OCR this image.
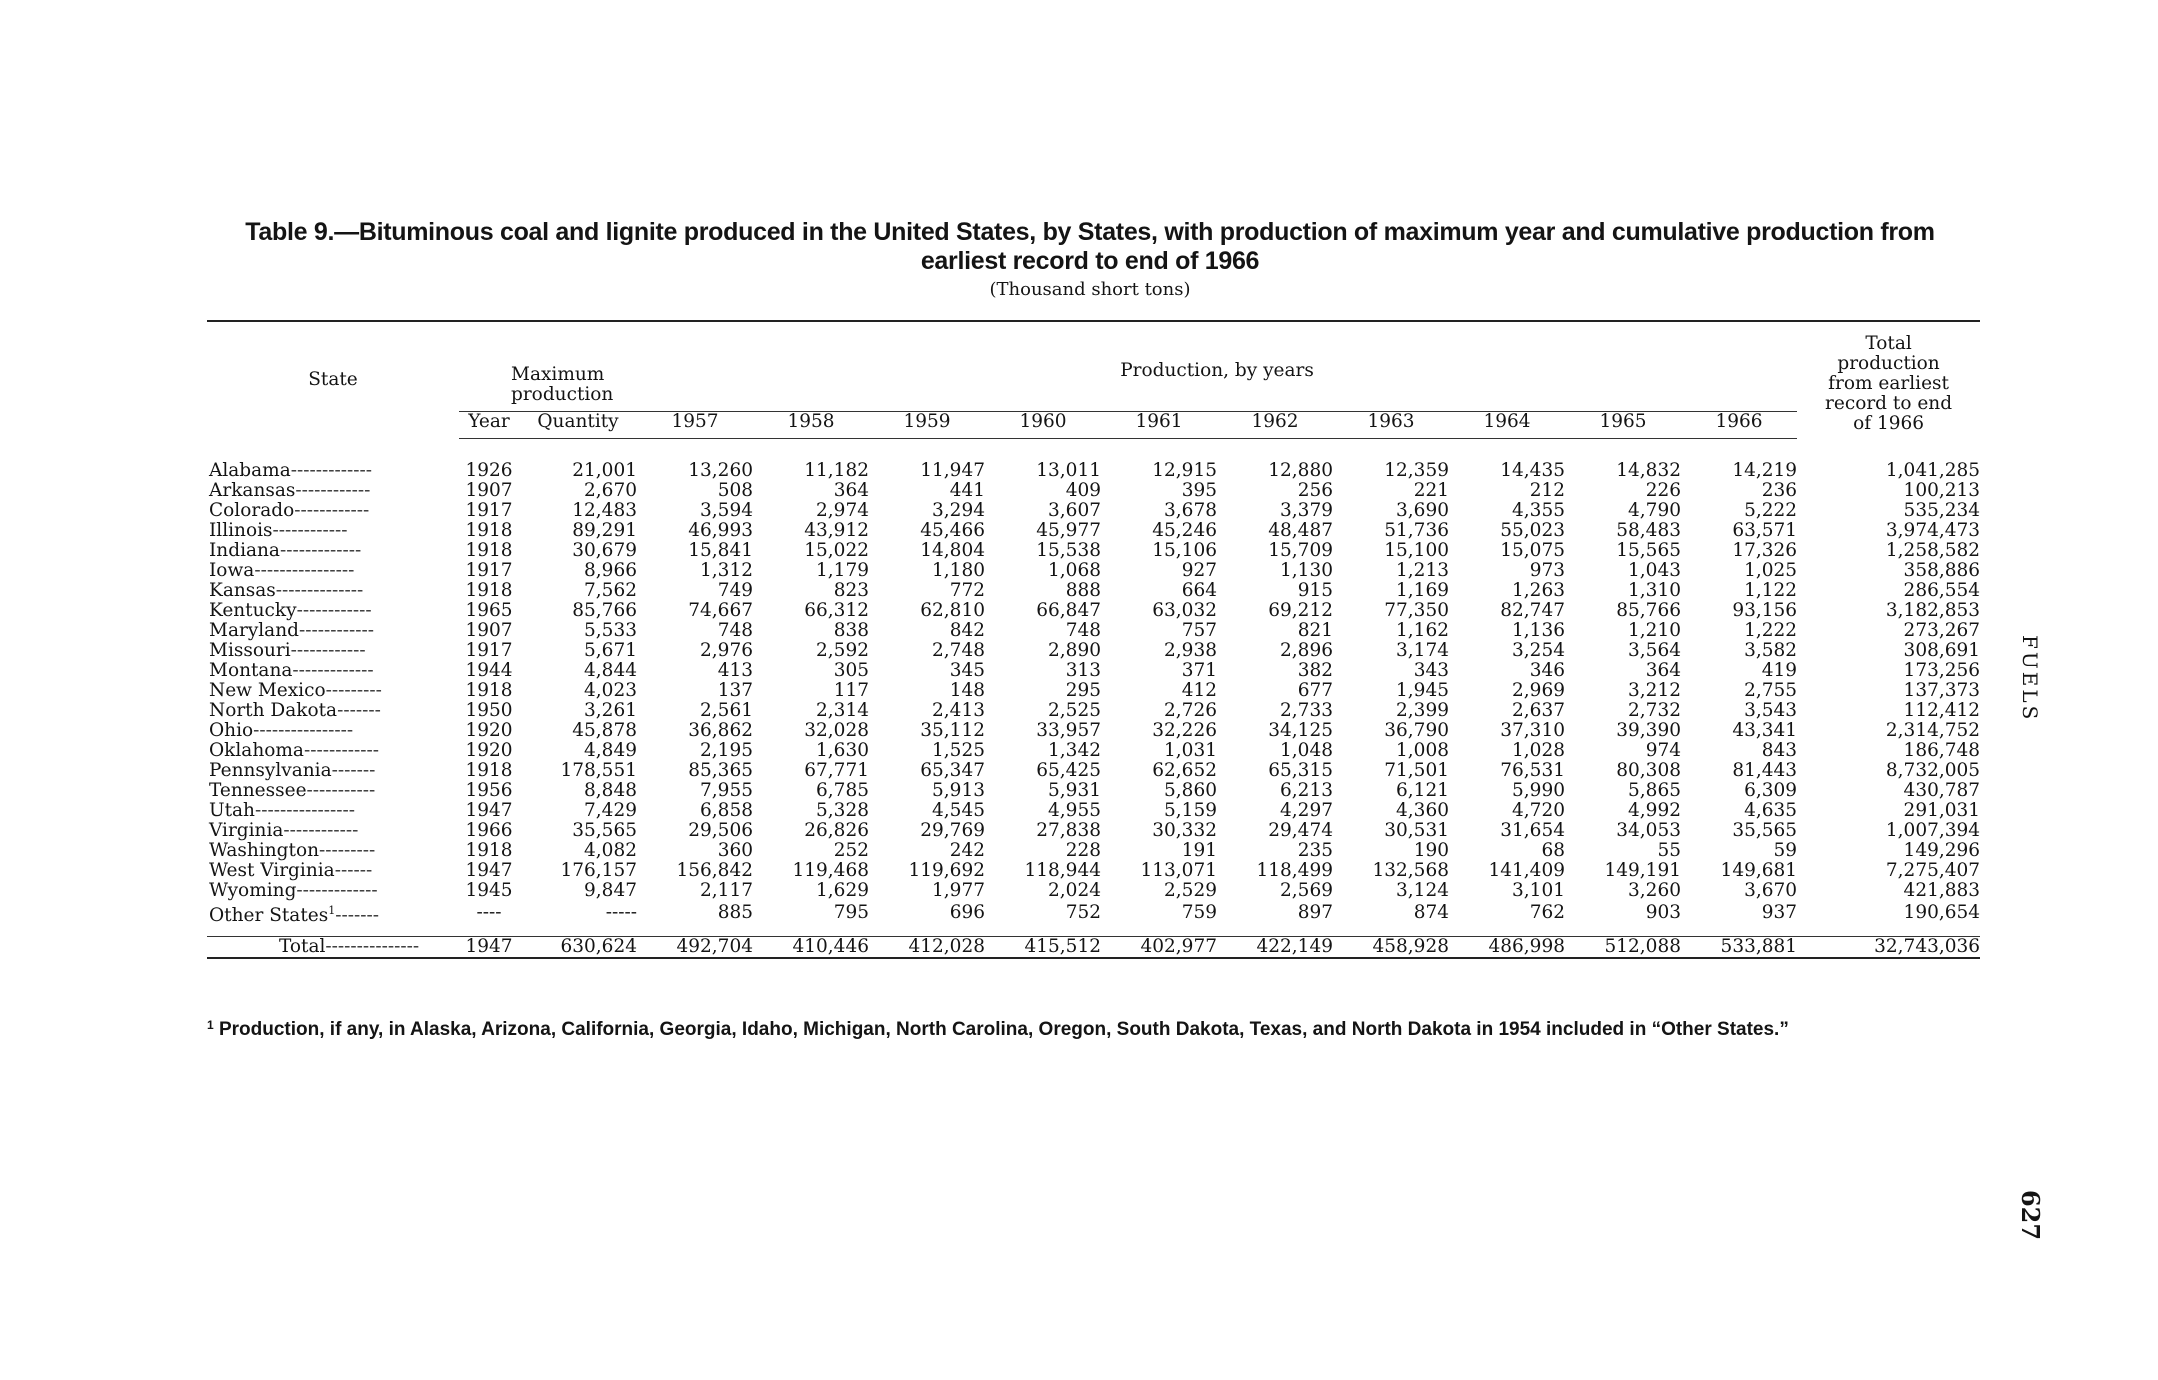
Table 9.—Bituminous coal and lignite produced in the United States, by States, with production of maximum year and cumulative production from earliest record to end of 1966
(Thousand short tons)
State	Maximum production		Production, by years										Total production from earliest record to end of 1966
	Year	Quantity	1957	1958	1959	1960	1961	1962	1963	1964	1965	1966	

Alabama-------------	1926	21,001	13,260	11,182	11,947	13,011	12,915	12,880	12,359	14,435	14,832	14,219	1,041,285
Arkansas------------	1907	2,670	508	364	441	409	395	256	221	212	226	236	100,213
Colorado------------	1917	12,483	3,594	2,974	3,294	3,607	3,678	3,379	3,690	4,355	4,790	5,222	535,234
Illinois------------	1918	89,291	46,993	43,912	45,466	45,977	45,246	48,487	51,736	55,023	58,483	63,571	3,974,473
Indiana-------------	1918	30,679	15,841	15,022	14,804	15,538	15,106	15,709	15,100	15,075	15,565	17,326	1,258,582
Iowa----------------	1917	8,966	1,312	1,179	1,180	1,068	927	1,130	1,213	973	1,043	1,025	358,886
Kansas--------------	1918	7,562	749	823	772	888	664	915	1,169	1,263	1,310	1,122	286,554
Kentucky------------	1965	85,766	74,667	66,312	62,810	66,847	63,032	69,212	77,350	82,747	85,766	93,156	3,182,853
Maryland------------	1907	5,533	748	838	842	748	757	821	1,162	1,136	1,210	1,222	273,267
Missouri------------	1917	5,671	2,976	2,592	2,748	2,890	2,938	2,896	3,174	3,254	3,564	3,582	308,691
Montana-------------	1944	4,844	413	305	345	313	371	382	343	346	364	419	173,256
New Mexico---------	1918	4,023	137	117	148	295	412	677	1,945	2,969	3,212	2,755	137,373
North Dakota-------	1950	3,261	2,561	2,314	2,413	2,525	2,726	2,733	2,399	2,637	2,732	3,543	112,412
Ohio----------------	1920	45,878	36,862	32,028	35,112	33,957	32,226	34,125	36,790	37,310	39,390	43,341	2,314,752
Oklahoma------------	1920	4,849	2,195	1,630	1,525	1,342	1,031	1,048	1,008	1,028	974	843	186,748
Pennsylvania-------	1918	178,551	85,365	67,771	65,347	65,425	62,652	65,315	71,501	76,531	80,308	81,443	8,732,005
Tennessee-----------	1956	8,848	7,955	6,785	5,913	5,931	5,860	6,213	6,121	5,990	5,865	6,309	430,787
Utah----------------	1947	7,429	6,858	5,328	4,545	4,955	5,159	4,297	4,360	4,720	4,992	4,635	291,031
Virginia------------	1966	35,565	29,506	26,826	29,769	27,838	30,332	29,474	30,531	31,654	34,053	35,565	1,007,394
Washington---------	1918	4,082	360	252	242	228	191	235	190	68	55	59	149,296
West Virginia------	1947	176,157	156,842	119,468	119,692	118,944	113,071	118,499	132,568	141,409	149,191	149,681	7,275,407
Wyoming-------------	1945	9,847	2,117	1,629	1,977	2,024	2,529	2,569	3,124	3,101	3,260	3,670	421,883
Other States$^1$-------	----	-----	885	795	696	752	759	897	874	762	903	937	190,654

Total---------------	1947	630,624	492,704	410,446	412,028	415,512	402,977	422,149	458,928	486,998	512,088	533,881	32,743,036
$^1$ Production, if any, in Alaska, Arizona, California, Georgia, Idaho, Michigan, North Carolina, Oregon, South Dakota, Texas, and North Dakota in 1954 included in “Other States.”
FUELS
627
